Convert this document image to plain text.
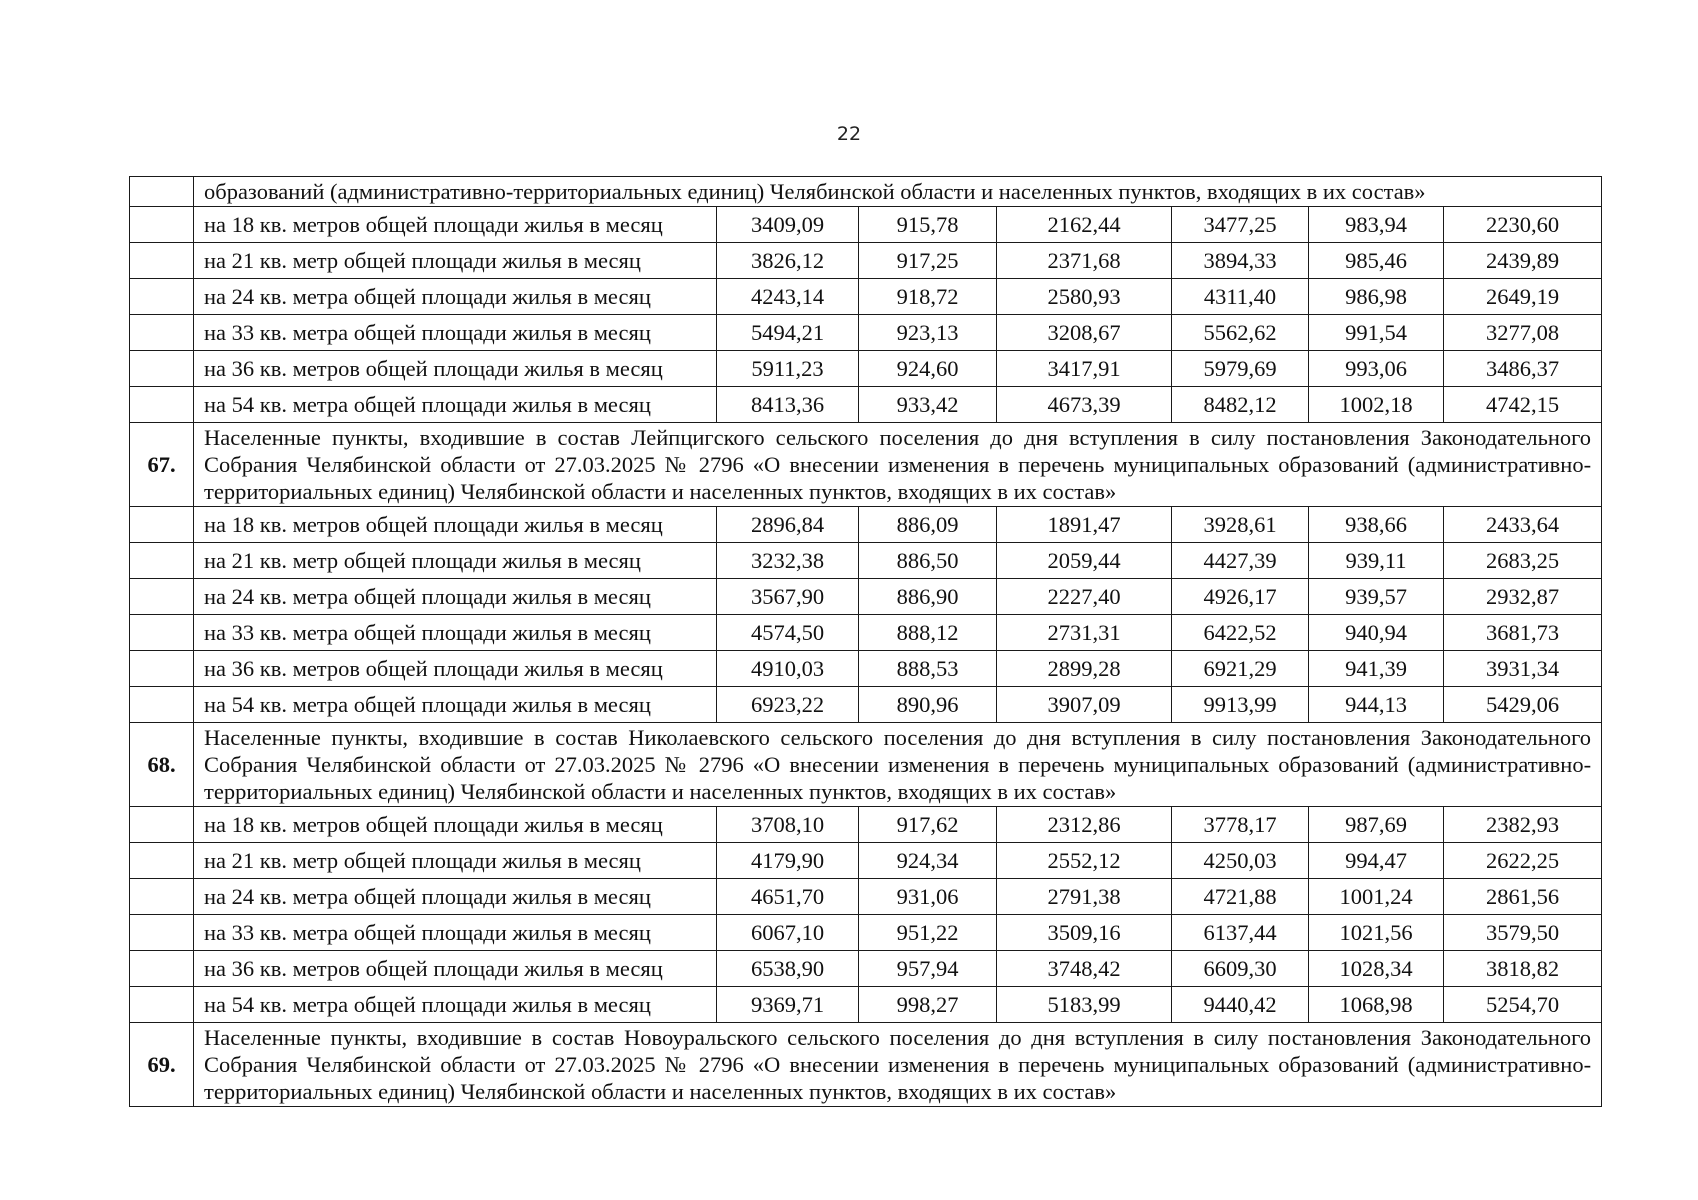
22
	образований (административно-территориальных единиц) Челябинской области и населенных пунктов, входящих в их состав»						
	на 18 кв. метров общей площади жилья в месяц	3409,09	915,78	2162,44	3477,25	983,94	2230,60
	на 21 кв. метр общей площади жилья в месяц	3826,12	917,25	2371,68	3894,33	985,46	2439,89
	на 24 кв. метра общей площади жилья в месяц	4243,14	918,72	2580,93	4311,40	986,98	2649,19
	на 33 кв. метра общей площади жилья в месяц	5494,21	923,13	3208,67	5562,62	991,54	3277,08
	на 36 кв. метров общей площади жилья в месяц	5911,23	924,60	3417,91	5979,69	993,06	3486,37
	на 54 кв. метра общей площади жилья в месяц	8413,36	933,42	4673,39	8482,12	1002,18	4742,15
67.	Населенные пункты, входившие в состав Лейпцигского сельского поселения до дня вступления в силу постановления Законодательного Собрания Челябинской области от 27.03.2025 № 2796 «О внесении изменения в перечень муниципальных образований (административно-территориальных единиц) Челябинской области и населенных пунктов, входящих в их состав»						
	на 18 кв. метров общей площади жилья в месяц	2896,84	886,09	1891,47	3928,61	938,66	2433,64
	на 21 кв. метр общей площади жилья в месяц	3232,38	886,50	2059,44	4427,39	939,11	2683,25
	на 24 кв. метра общей площади жилья в месяц	3567,90	886,90	2227,40	4926,17	939,57	2932,87
	на 33 кв. метра общей площади жилья в месяц	4574,50	888,12	2731,31	6422,52	940,94	3681,73
	на 36 кв. метров общей площади жилья в месяц	4910,03	888,53	2899,28	6921,29	941,39	3931,34
	на 54 кв. метра общей площади жилья в месяц	6923,22	890,96	3907,09	9913,99	944,13	5429,06
68.	Населенные пункты, входившие в состав Николаевского сельского поселения до дня вступления в силу постановления Законодательного Собрания Челябинской области от 27.03.2025 № 2796 «О внесении изменения в перечень муниципальных образований (административно-территориальных единиц) Челябинской области и населенных пунктов, входящих в их состав»						
	на 18 кв. метров общей площади жилья в месяц	3708,10	917,62	2312,86	3778,17	987,69	2382,93
	на 21 кв. метр общей площади жилья в месяц	4179,90	924,34	2552,12	4250,03	994,47	2622,25
	на 24 кв. метра общей площади жилья в месяц	4651,70	931,06	2791,38	4721,88	1001,24	2861,56
	на 33 кв. метра общей площади жилья в месяц	6067,10	951,22	3509,16	6137,44	1021,56	3579,50
	на 36 кв. метров общей площади жилья в месяц	6538,90	957,94	3748,42	6609,30	1028,34	3818,82
	на 54 кв. метра общей площади жилья в месяц	9369,71	998,27	5183,99	9440,42	1068,98	5254,70
69.	Населенные пункты, входившие в состав Новоуральского сельского поселения до дня вступления в силу постановления Законодательного Собрания Челябинской области от 27.03.2025 № 2796 «О внесении изменения в перечень муниципальных образований (административно-территориальных единиц) Челябинской области и населенных пунктов, входящих в их состав»						
